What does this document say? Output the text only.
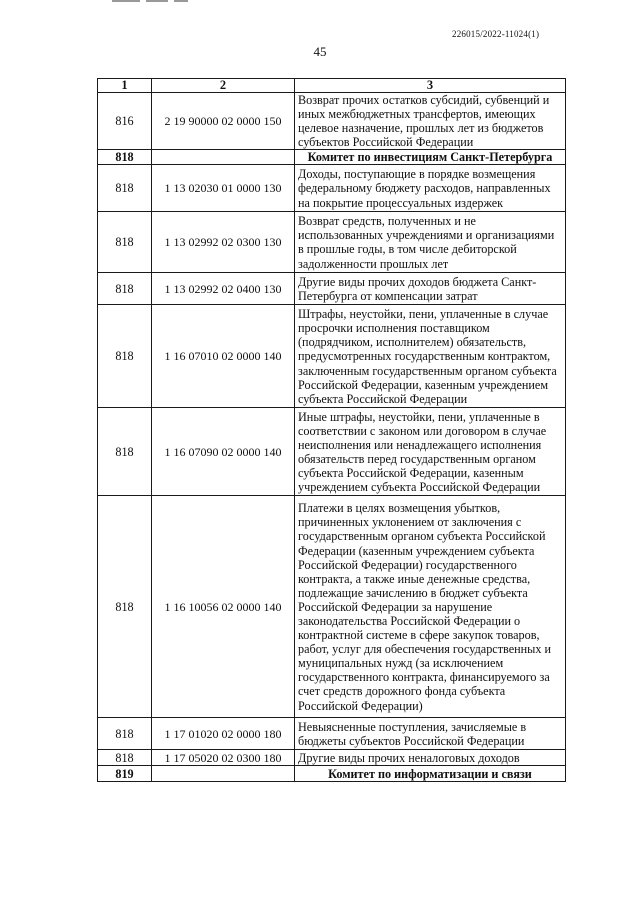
226015/2022-11024(1)
45
1	2	3
816	2 19 90000 02 0000 150	Возврат прочих остатков субсидий, субвенций и иных межбюджетных трансфертов, имеющих целевое назначение, прошлых лет из бюджетов субъектов Российской Федерации
818		Комитет по инвестициям Санкт-Петербурга
818	1 13 02030 01 0000 130	Доходы, поступающие в порядке возмещения федеральному бюджету расходов, направленных на покрытие процессуальных издержек
818	1 13 02992 02 0300 130	Возврат средств, полученных и не использованных учреждениями и организациями в прошлые годы, в том числе дебиторской задолженности прошлых лет
818	1 13 02992 02 0400 130	Другие виды прочих доходов бюджета Санкт-Петербурга от компенсации затрат
818	1 16 07010 02 0000 140	Штрафы, неустойки, пени, уплаченные в случае просрочки исполнения поставщиком (подрядчиком, исполнителем) обязательств, предусмотренных государственным контрактом, заключенным государственным органом субъекта Российской Федерации, казенным учреждением субъекта Российской Федерации
818	1 16 07090 02 0000 140	Иные штрафы, неустойки, пени, уплаченные в соответствии с законом или договором в случае неисполнения или ненадлежащего исполнения обязательств перед государственным органом субъекта Российской Федерации, казенным учреждением субъекта Российской Федерации
818	1 16 10056 02 0000 140	Платежи в целях возмещения убытков, причиненных уклонением от заключения с государственным органом субъекта Российской Федерации (казенным учреждением субъекта Российской Федерации) государственного контракта, а также иные денежные средства, подлежащие зачислению в бюджет субъекта Российской Федерации за нарушение законодательства Российской Федерации о контрактной системе в сфере закупок товаров, работ, услуг для обеспечения государственных и муниципальных нужд (за исключением государственного контракта, финансируемого за счет средств дорожного фонда субъекта Российской Федерации)
818	1 17 01020 02 0000 180	Невыясненные поступления, зачисляемые в бюджеты субъектов Российской Федерации
818	1 17 05020 02 0300 180	Другие виды прочих неналоговых доходов
819		Комитет по информатизации и связи
